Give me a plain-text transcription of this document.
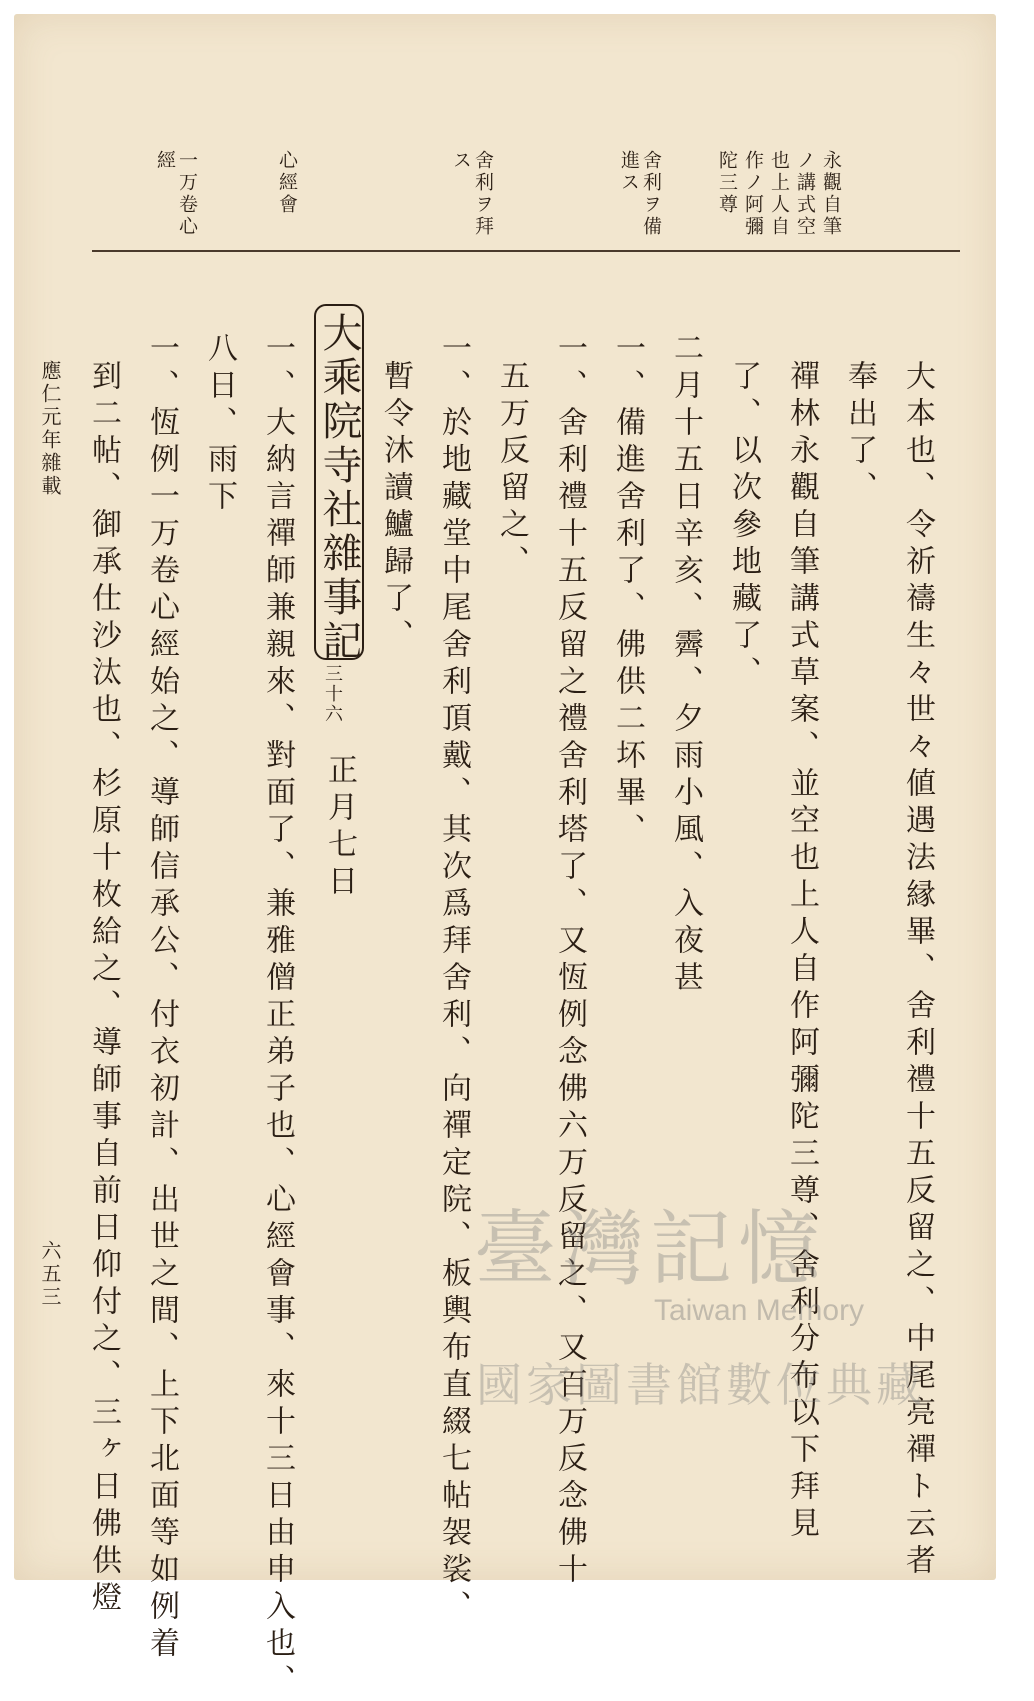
永觀自筆ノ講式空也上人自作ノ阿彌陀三尊
舍利ヲ備進ス
舍利ヲ拜ス
心經會
一万卷心經
大本也、令祈禱生々世々値遇法縁畢、舍利禮十五反留之、中尾亮禪ト云者
奉出了、
禪林永觀自筆講式草案、並空也上人自作阿彌陀三尊、舍利分布以下拜見
了、以次參地藏了、
二月十五日辛亥、霽、夕雨小風、入夜甚
一、備進舍利了、佛供二坏畢、
一、舍利禮十五反留之禮舍利塔了、又恆例念佛六万反留之、又百万反念佛十
五万反留之、
一、於地藏堂中尾舍利頂戴、其次爲拜舍利、向禪定院、板輿布直綴七帖袈裟、
暫令沐讀鱸歸了、
大乘院寺社雜事記
三十六
正月七日
一、大納言禪師兼親來、對面了、兼雅僧正弟子也、心經會事、來十三日由申入也、
八日、雨下
一、恆例一万卷心經始之、導師信承公、付衣初計、出世之間、上下北面等如例着
到二帖、御承仕沙汰也、杉原十枚給之、導師事自前日仰付之、三ヶ日佛供燈
應仁元年雜載
六五三	臺灣記憶
Taiwan Memory
國家圖書館數位典藏
